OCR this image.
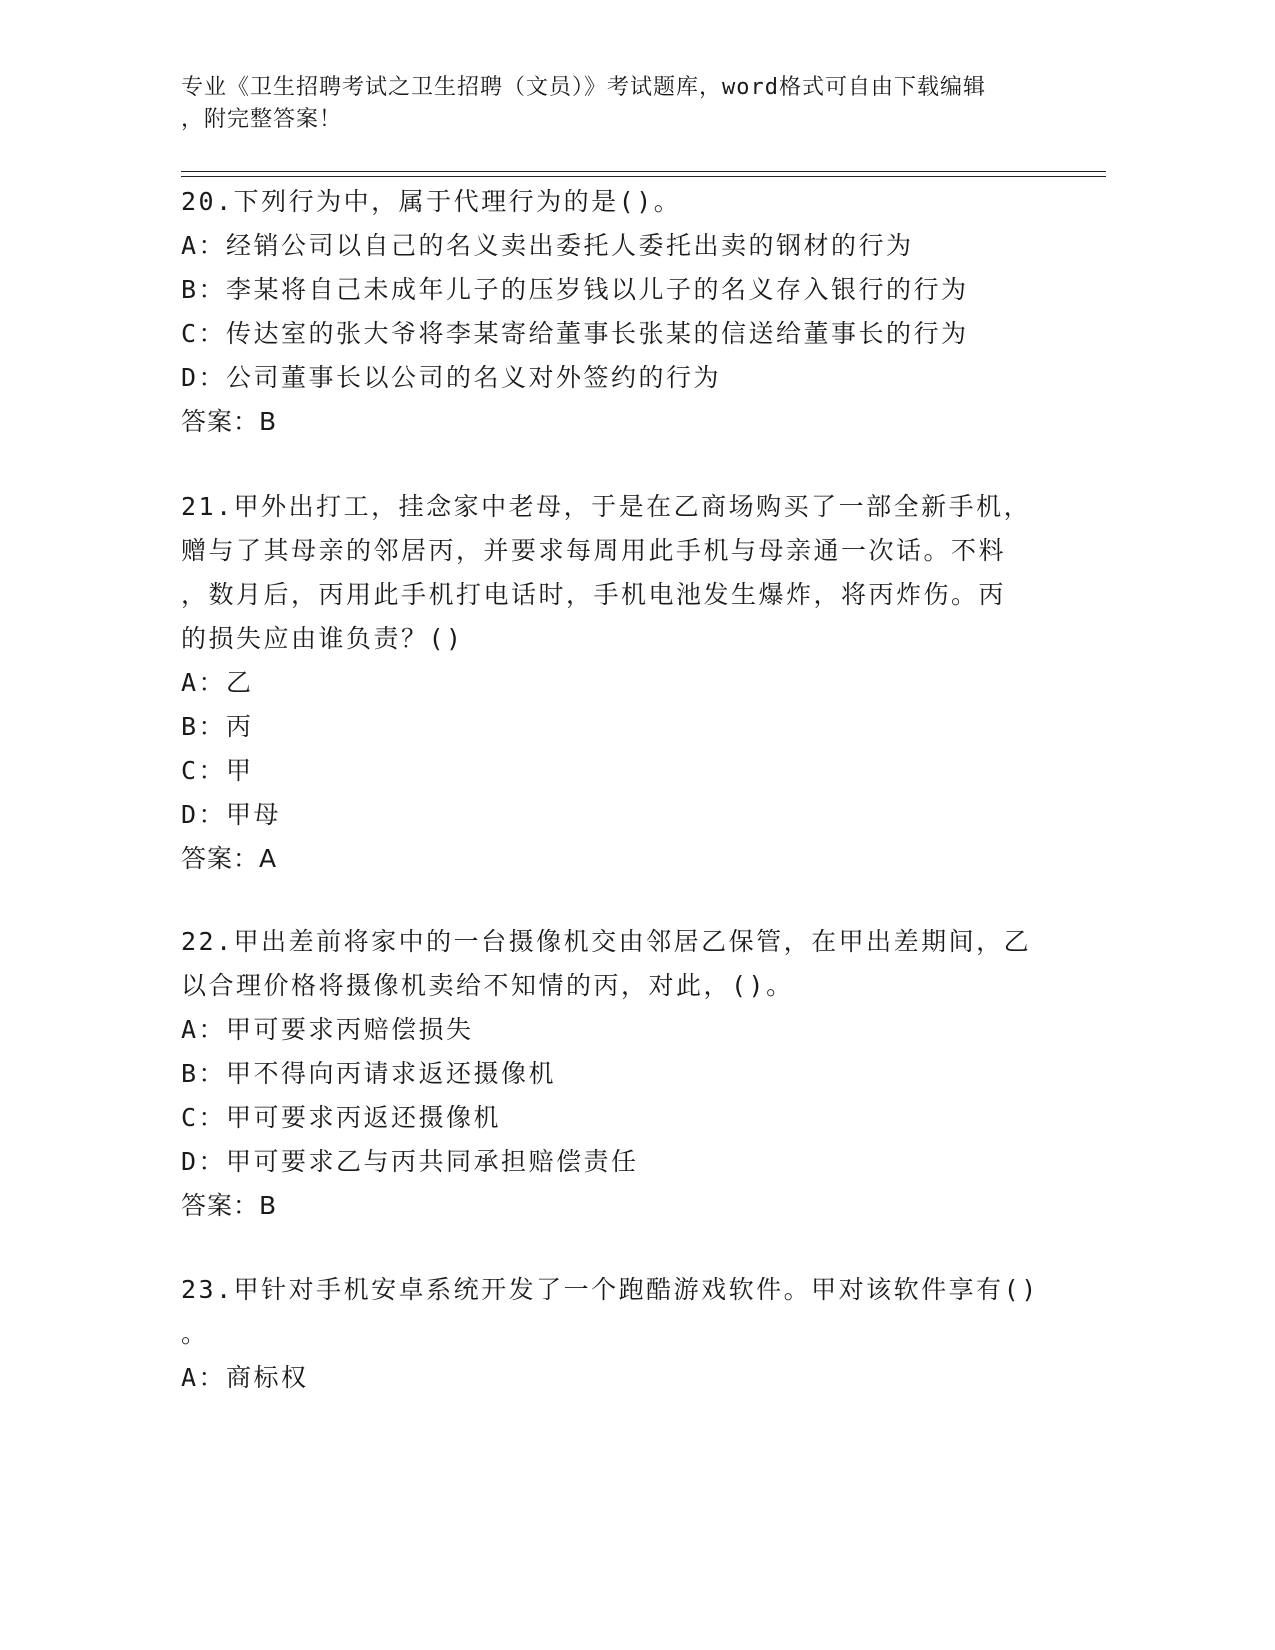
专业《卫生招聘考试之卫生招聘（文员）》考试题库，word格式可自由下载编辑
，附完整答案！
20.下列行为中，属于代理行为的是()。
A：经销公司以自己的名义卖出委托人委托出卖的钢材的行为
B：李某将自己未成年儿子的压岁钱以儿子的名义存入银行的行为
C：传达室的张大爷将李某寄给董事长张某的信送给董事长的行为
D：公司董事长以公司的名义对外签约的行为
答案：B
21.甲外出打工，挂念家中老母，于是在乙商场购买了一部全新手机，
赠与了其母亲的邻居丙，并要求每周用此手机与母亲通一次话。不料
，数月后，丙用此手机打电话时，手机电池发生爆炸，将丙炸伤。丙
的损失应由谁负责？()
A：乙
B：丙
C：甲
D：甲母
答案：A
22.甲出差前将家中的一台摄像机交由邻居乙保管，在甲出差期间，乙
以合理价格将摄像机卖给不知情的丙，对此，()。
A：甲可要求丙赔偿损失
B：甲不得向丙请求返还摄像机
C：甲可要求丙返还摄像机
D：甲可要求乙与丙共同承担赔偿责任
答案：B
23.甲针对手机安卓系统开发了一个跑酷游戏软件。甲对该软件享有()
。
A：商标权
